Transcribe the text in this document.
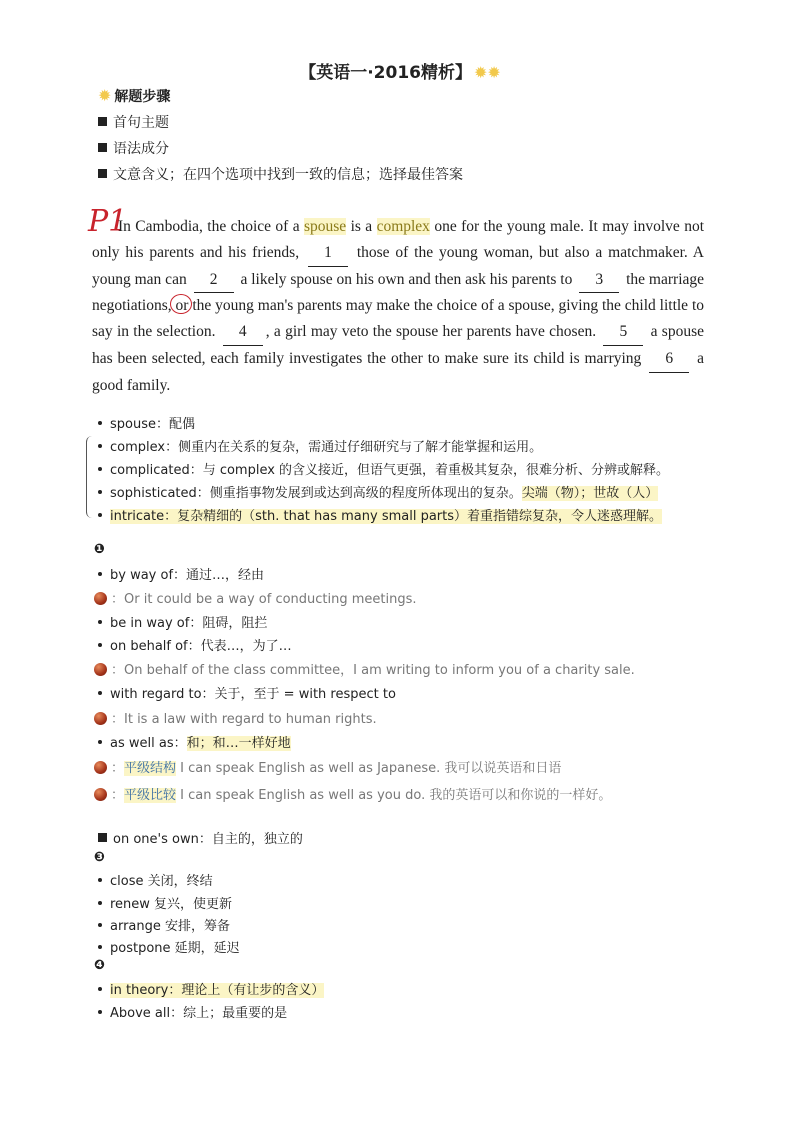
【英语一·2016精析】 ✹✹
✹ 解题步骤
首句主题
语法成分
文意含义；在四个选项中找到一致的信息；选择最佳答案
P1
In Cambodia, the choice of a spouse is a complex one for the young male. It may involve not only his parents and his friends, 1 those of the young woman, but also a matchmaker. A young man can 2 a likely spouse on his own and then ask his parents to 3 the marriage negotiations, or the young man's parents may make the choice of a spouse, giving the child little to say in the selection. 4 , a girl may veto the spouse her parents have chosen. 5 a spouse has been selected, each family investigates the other to make sure its child is marrying 6 a good family.
spouse：配偶
complex：侧重内在关系的复杂，需通过仔细研究与了解才能掌握和运用。
complicated：与 complex 的含义接近，但语气更强，着重极其复杂，很难分析、分辨或解释。
sophisticated：侧重指事物发展到或达到高级的程度所体现出的复杂。尖端（物）；世故（人）
intricate：复杂精细的（sth. that has many small parts）着重指错综复杂，令人迷惑理解。
❶
by way of：通过…，经由
：Or it could be a way of conducting meetings.
be in way of：阻碍，阻拦
on behalf of：代表…，为了…
：On behalf of the class committee，I am writing to inform you of a charity sale.
with regard to：关于，至于 = with respect to
：It is a law with regard to human rights.
as well as：和；和…一样好地
：平级结构 I can speak English as well as Japanese. 我可以说英语和日语
：平级比较 I can speak English as well as you do. 我的英语可以和你说的一样好。
on one's own：自主的，独立的
❸
close 关闭，终结
renew 复兴，使更新
arrange 安排，筹备
postpone 延期，延迟
❹
in theory：理论上（有让步的含义）
Above all：综上；最重要的是
